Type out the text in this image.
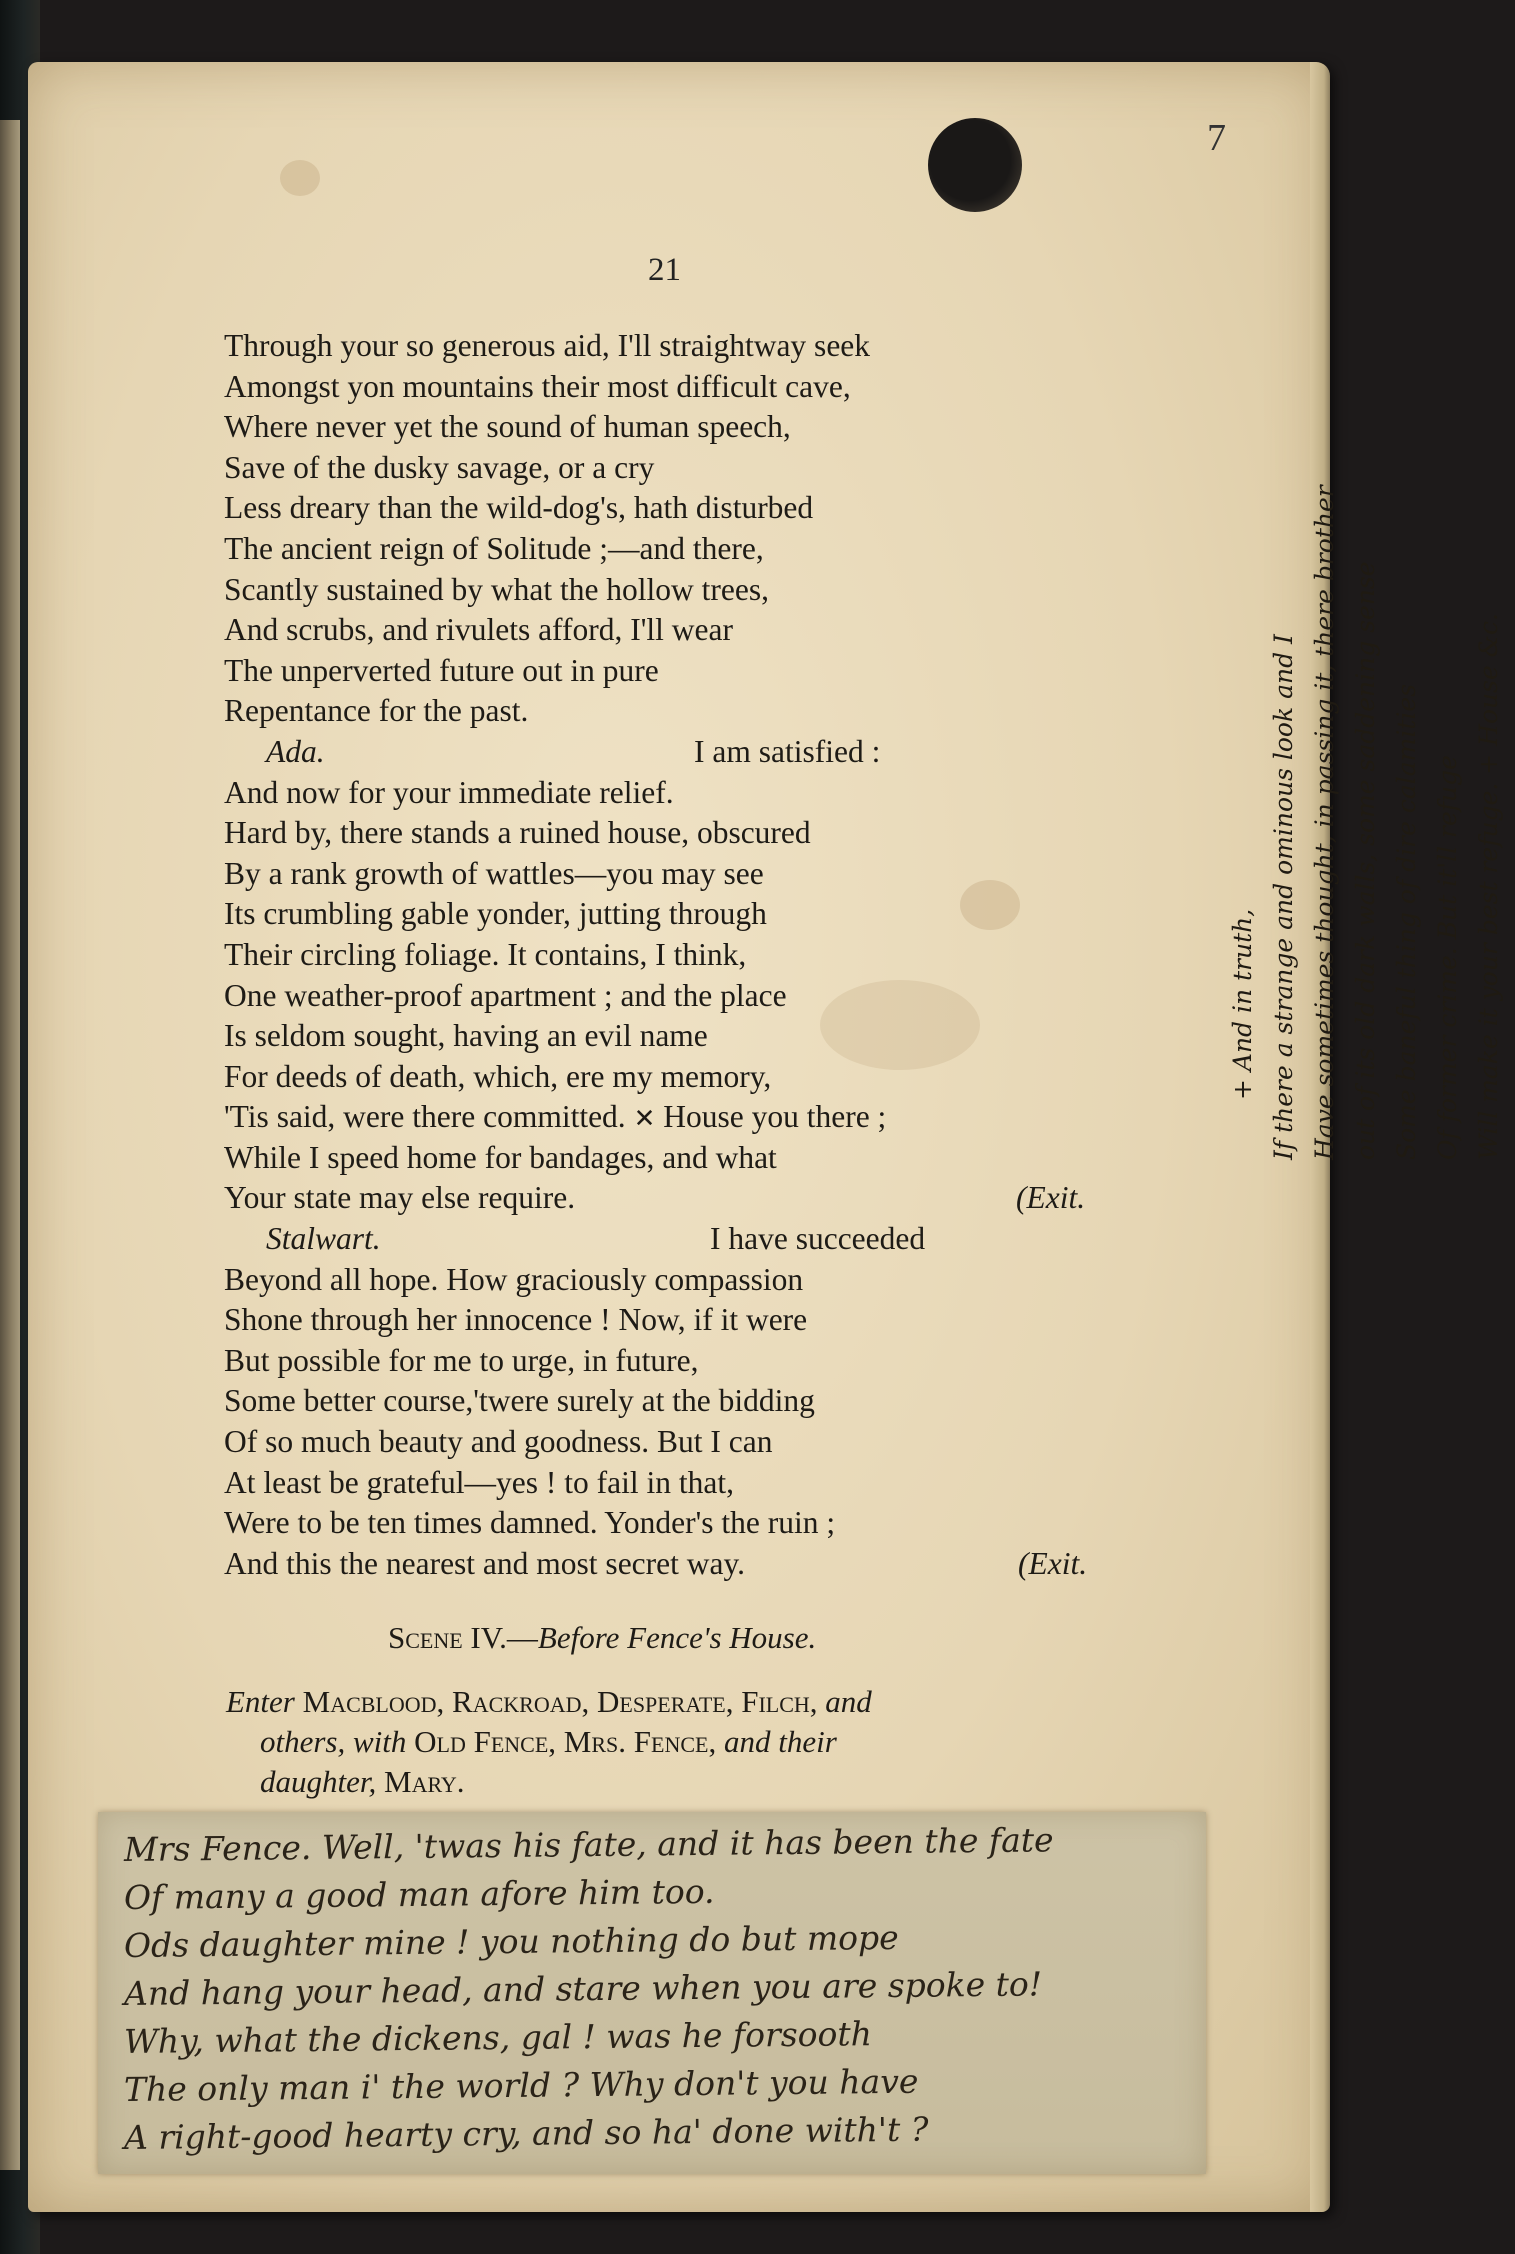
7
21
Through your so generous aid, I'll straightway seek
Amongst yon mountains their most difficult cave,
Where never yet the sound of human speech,
Save of the dusky savage, or a cry
Less dreary than the wild-dog's, hath disturbed
The ancient reign of Solitude ;—and there,
Scantly sustained by what the hollow trees,
And scrubs, and rivulets afford, I'll wear
The unperverted future out in pure
Repentance for the past.
Ada.	I am satisfied :
And now for your immediate relief.
Hard by, there stands a ruined house, obscured
By a rank growth of wattles—you may see
Its crumbling gable yonder, jutting through
Their circling foliage. It contains, I think,
One weather-proof apartment ; and the place
Is seldom sought, having an evil name
For deeds of death, which, ere my memory,
'Tis said, were there committed. ✕ House you there ;
While I speed home for bandages, and what
Your state may else require.	(Exit.
Stalwart.	I have succeeded
Beyond all hope. How graciously compassion
Shone through her innocence ! Now, if it were
But possible for me to urge, in future,
Some better course,'twere surely at the bidding
Of so much beauty and goodness. But I can
At least be grateful—yes ! to fail in that,
Were to be ten times damned. Yonder's the ruin ;
And this the nearest and most secret way.	(Exit.
Scene IV.—Before Fence's House.
Enter Macblood, Rackroad, Desperate, Filch, and
others, with Old Fence, Mrs. Fence, and their
daughter, Mary.
Mrs Fence. Well, 'twas his fate, and it has been the fate
Of many a good man afore him too.
Ods daughter mine ! you nothing do but mope
And hang your head, and stare when you are spoke to!
Why, what the dickens, gal ! was he forsooth
The only man i' the world ? Why don't you have
A right-good hearty cry, and so ha' done with't ?
+ And in truth, If there a strange and ominous look and I Have sometimes thought, in passing it, there brother out of its old dark walls, some saddening sense Some baneful thing of dire calamities Of former crime. But it'll refuge Will make it your best refuge. + House &c.
